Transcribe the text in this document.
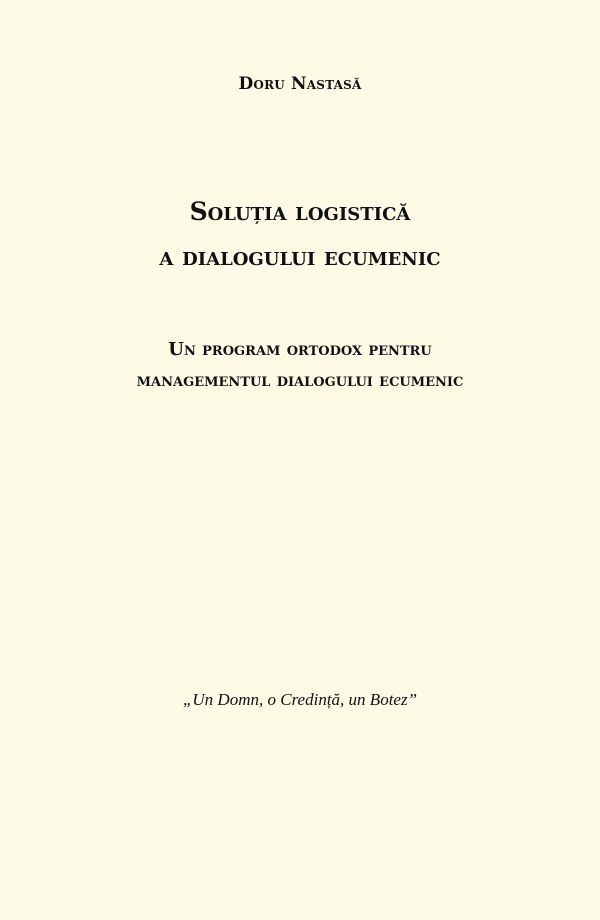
Doru Nastasă
Soluția logistică
a dialogului ecumenic
Un program ortodox pentru
managementul dialogului ecumenic
„Un Domn, o Credință, un Botez”
